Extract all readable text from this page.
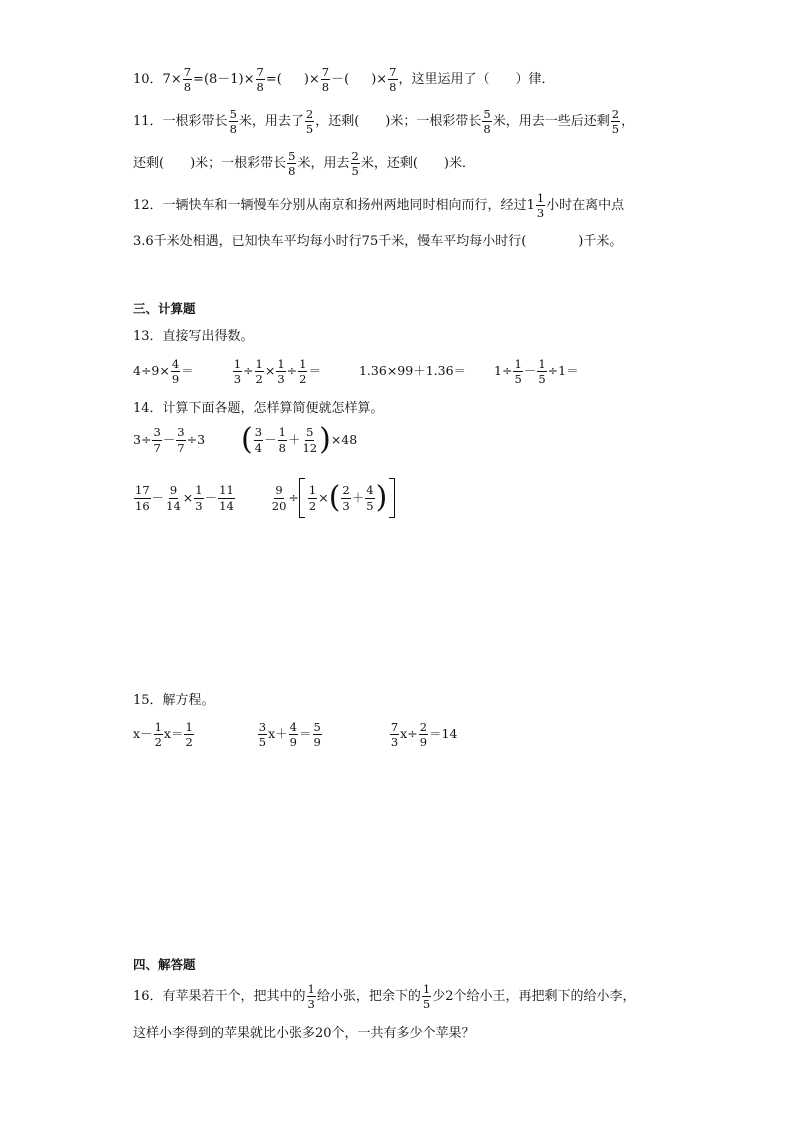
10． $7\times \frac{7}{8} =(8-1)\times \frac{7}{8}$ =( )× $\frac{7}{8}$ －( )× $\frac{7}{8}$ ，这里运用了（　　）律．
11． 一根彩带长 $\frac{5}{8}$ 米，用去了 $\frac{2}{5}$ ，还剩(　　)米；一根彩带长 $\frac{5}{8}$ 米，用去一些后还剩 $\frac{2}{5}$ ，
还剩(　　)米；一根彩带长 $\frac{5}{8}$ 米，用去 $\frac{2}{5}$ 米，还剩(　　)米．
12． 一辆快车和一辆慢车分别从南京和扬州两地同时相向而行，经过 $1 \frac{1}{3}$ 小时在离中点
3.6千米处相遇，已知快车平均每小时行75千米，慢车平均每小时行(　　　　)千米。
三、计算题
13．直接写出得数。
$4\div 9\times \frac{4}{9}$ ＝	$\frac{1}{3} \div \frac{1}{2} \times \frac{1}{3} \div \frac{1}{2}$ ＝	$1.36\times 99+1.36= 1\div \frac{1}{5} - \frac{1}{5} \div 1=$
14．计算下面各题，怎样算简便就怎样算。
$3\div \frac{3}{7} - \frac{3}{7} \div 3$ ( $\frac{3}{4} - \frac{1}{8} + \frac{5}{12}$ ) ×48
$\frac{17}{16} - \frac{9}{14} \times \frac{1}{3} - \frac{11}{14}$	$\frac{9}{20} \div \frac{1}{2}$ × ( $\frac{2}{3} + \frac{4}{5}$ )
15．解方程。
$x- \frac{1}{2} x= \frac{1}{2}$	$\frac{3}{5} x+ \frac{4}{9} = \frac{5}{9}$	$\frac{7}{3} x\div \frac{2}{9} =14$
四、解答题
16．有苹果若干个，把其中的 $\frac{1}{3}$ 给小张，把余下的 $\frac{1}{5}$ 少2个给小王，再把剩下的给小李，
这样小李得到的苹果就比小张多20个，一共有多少个苹果？
